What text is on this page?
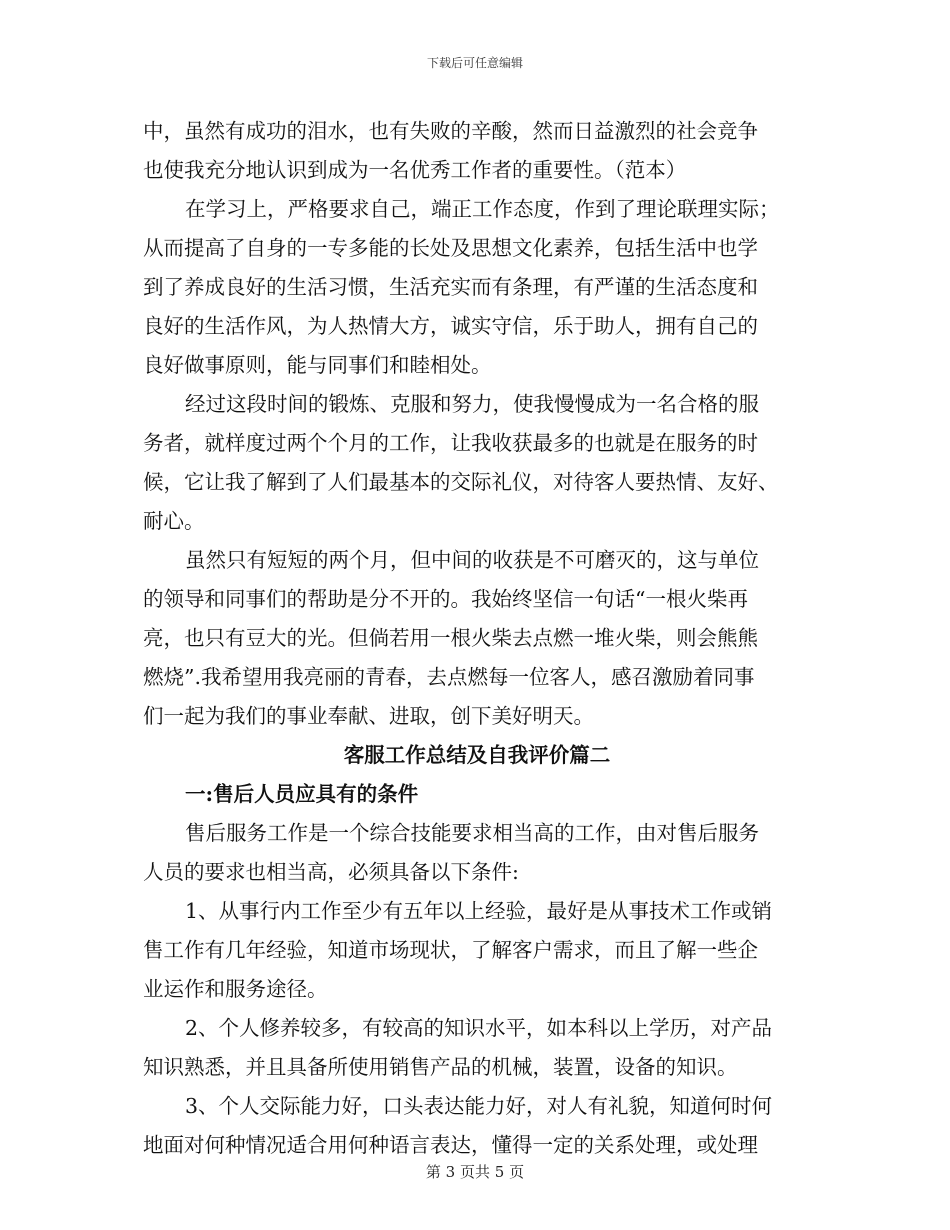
下载后可任意编辑
中，虽然有成功的泪水，也有失败的辛酸，然而日益激烈的社会竞争
也使我充分地认识到成为一名优秀工作者的重要性。（范本）
在学习上，严格要求自己，端正工作态度，作到了理论联理实际；
从而提高了自身的一专多能的长处及思想文化素养，包括生活中也学
到了养成良好的生活习惯，生活充实而有条理，有严谨的生活态度和
良好的生活作风，为人热情大方，诚实守信，乐于助人，拥有自己的
良好做事原则，能与同事们和睦相处。
经过这段时间的锻炼、克服和努力，使我慢慢成为一名合格的服
务者，就样度过两个个月的工作，让我收获最多的也就是在服务的时
候，它让我了解到了人们最基本的交际礼仪，对待客人要热情、友好、
耐心。
虽然只有短短的两个月，但中间的收获是不可磨灭的，这与单位
的领导和同事们的帮助是分不开的。我始终坚信一句话“一根火柴再
亮，也只有豆大的光。但倘若用一根火柴去点燃一堆火柴，则会熊熊
燃烧”.我希望用我亮丽的青春，去点燃每一位客人，感召激励着同事
们一起为我们的事业奉献、进取，创下美好明天。
客服工作总结及自我评价篇二
一:售后人员应具有的条件
售后服务工作是一个综合技能要求相当高的工作，由对售后服务
人员的要求也相当高，必须具备以下条件:
1、从事行内工作至少有五年以上经验，最好是从事技术工作或销
售工作有几年经验，知道市场现状，了解客户需求，而且了解一些企
业运作和服务途径。
2、个人修养较多，有较高的知识水平，如本科以上学历，对产品
知识熟悉，并且具备所使用销售产品的机械，装置，设备的知识。
3、个人交际能力好，口头表达能力好，对人有礼貌，知道何时何
地面对何种情况适合用何种语言表达，懂得一定的关系处理，或处理
第 3 页共 5 页
